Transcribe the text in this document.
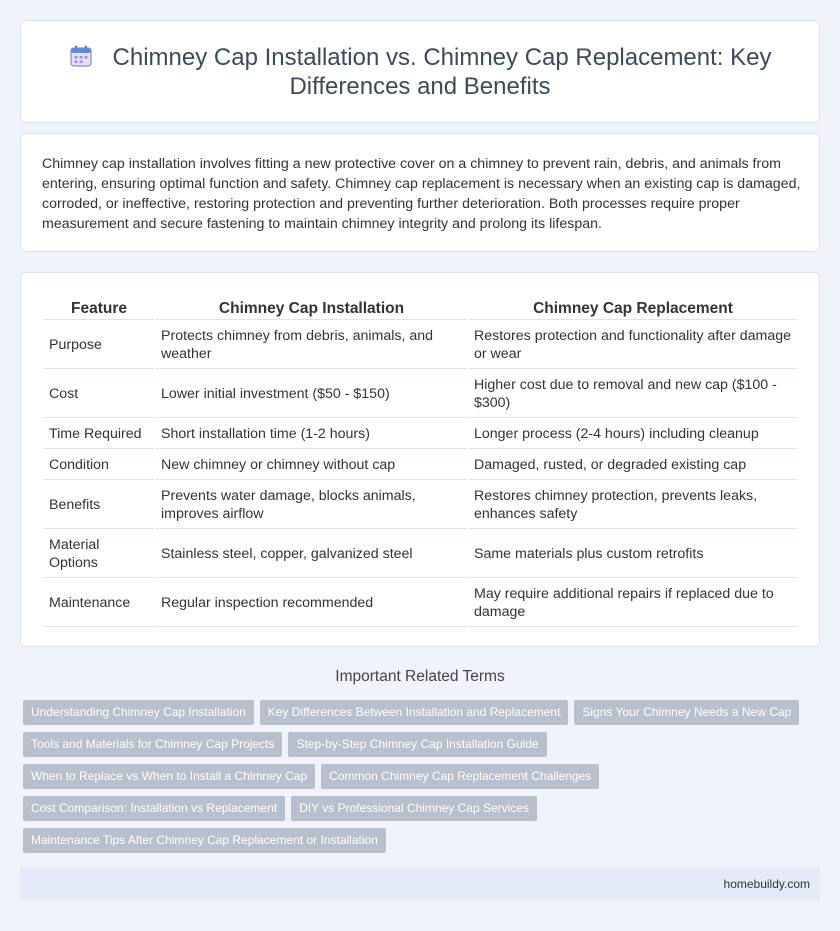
Chimney Cap Installation vs. Chimney Cap Replacement: Key Differences and Benefits

Chimney cap installation involves fitting a new protective cover on a chimney to prevent rain, debris, and animals from entering, ensuring optimal function and safety. Chimney cap replacement is necessary when an existing cap is damaged, corroded, or ineffective, restoring protection and preventing further deterioration. Both processes require proper measurement and secure fastening to maintain chimney integrity and prolong its lifespan.

Feature	Chimney Cap Installation	Chimney Cap Replacement
Purpose	Protects chimney from debris, animals, and weather	Restores protection and functionality after damage or wear
Cost	Lower initial investment ($50 - $150)	Higher cost due to removal and new cap ($100 - $300)
Time Required	Short installation time (1-2 hours)	Longer process (2-4 hours) including cleanup
Condition	New chimney or chimney without cap	Damaged, rusted, or degraded existing cap
Benefits	Prevents water damage, blocks animals, improves airflow	Restores chimney protection, prevents leaks, enhances safety
Material Options	Stainless steel, copper, galvanized steel	Same materials plus custom retrofits
Maintenance	Regular inspection recommended	May require additional repairs if replaced due to damage
Important Related Terms
Understanding Chimney Cap Installation Key Differences Between Installation and Replacement Signs Your Chimney Needs a New Cap
Tools and Materials for Chimney Cap Projects Step-by-Step Chimney Cap Installation Guide
When to Replace vs When to Install a Chimney Cap Common Chimney Cap Replacement Challenges
Cost Comparison: Installation vs Replacement DIY vs Professional Chimney Cap Services
Maintenance Tips After Chimney Cap Replacement or Installation
homebuildy.com
